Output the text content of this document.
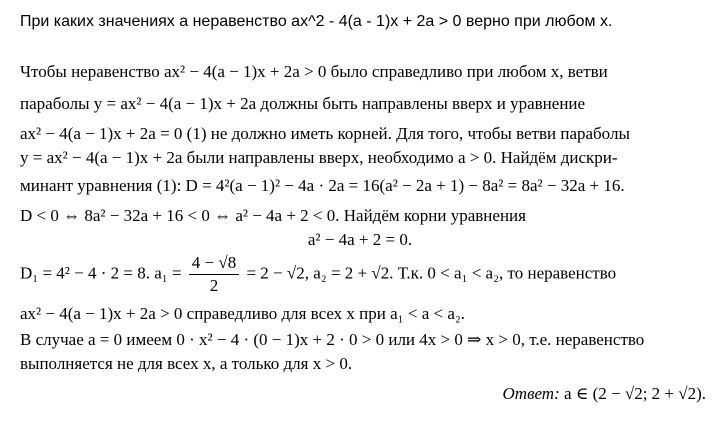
При каких значениях a неравенство ax^2 - 4(a - 1)x + 2a > 0 верно при любом x.
Чтобы неравенство ax² − 4(a − 1)x + 2a > 0 было справедливо при любом x, ветви
параболы y = ax² − 4(a − 1)x + 2a должны быть направлены вверх и уравнение
ax² − 4(a − 1)x + 2a = 0 (1) не должно иметь корней. Для того, чтобы ветви параболы
y = ax² − 4(a − 1)x + 2a были направлены вверх, необходимо a > 0. Найдём дискри-
минант уравнения (1): D = 4²(a − 1)² − 4a · 2a = 16(a² − 2a + 1) − 8a² = 8a² − 32a + 16.
D < 0 ⇔ 8a² − 32a + 16 < 0 ⇔ a² − 4a + 2 < 0. Найдём корни уравнения
a² − 4a + 2 = 0.
D₁ = 4² − 4 · 2 = 8. $a_1 = \frac{4 - √8}{2} = 2 - √2$, a₂ = 2 + √2. Т.к. 0 < a₁ < a₂, то неравенство
ax² − 4(a − 1)x + 2a > 0 справедливо для всех x при a₁ < a < a₂.
В случае a = 0 имеем 0 · x² − 4 · (0 − 1)x + 2 · 0 > 0 или 4x > 0 ⇒ x > 0, т.е. неравенство
выполняется не для всех x, а только для x > 0.
Ответ: a ∈ (2 − √2; 2 + √2).
